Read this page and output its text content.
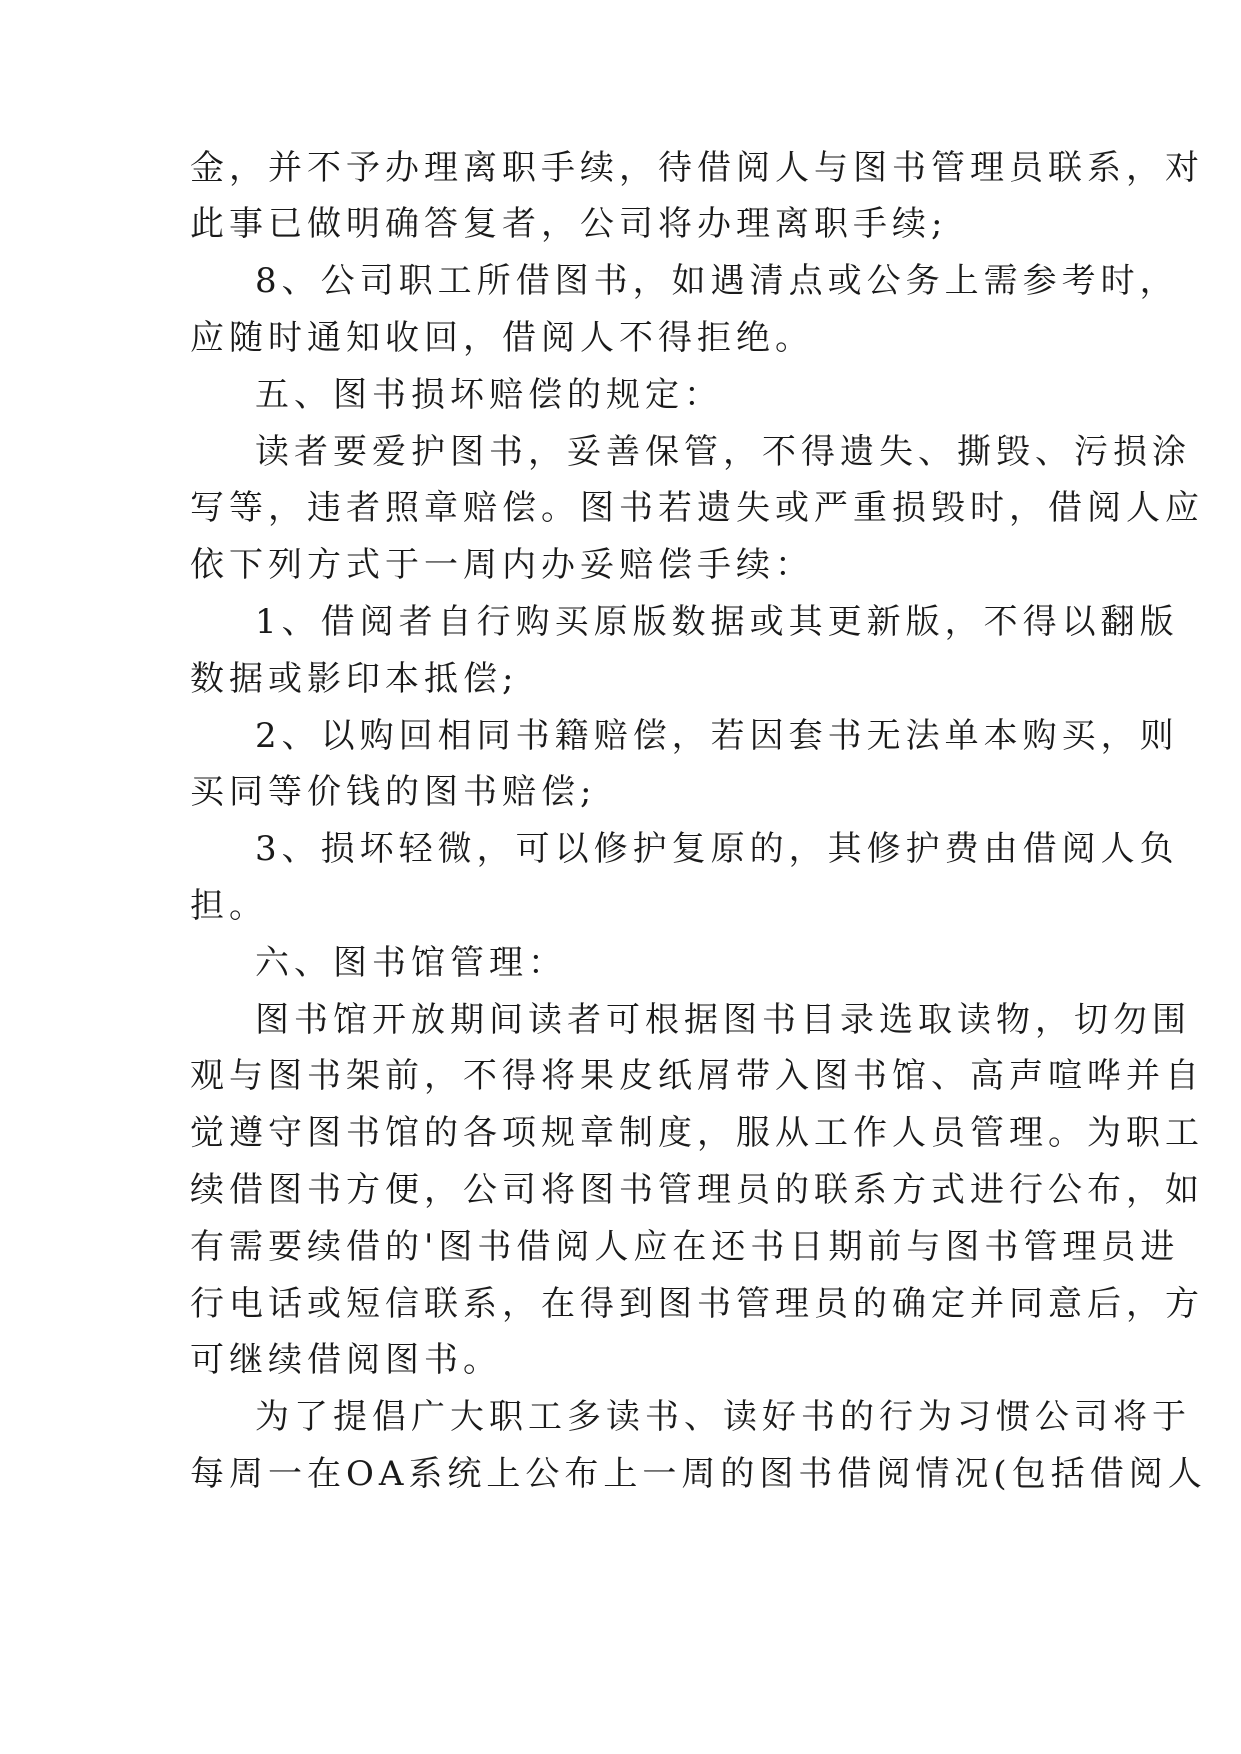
金，并不予办理离职手续，待借阅人与图书管理员联系，对
此事已做明确答复者，公司将办理离职手续;
8、公司职工所借图书，如遇清点或公务上需参考时，
应随时通知收回，借阅人不得拒绝。
五、图书损坏赔偿的规定：
读者要爱护图书，妥善保管，不得遗失、撕毁、污损涂
写等，违者照章赔偿。图书若遗失或严重损毁时，借阅人应
依下列方式于一周内办妥赔偿手续：
1、借阅者自行购买原版数据或其更新版，不得以翻版
数据或影印本抵偿;
2、以购回相同书籍赔偿，若因套书无法单本购买，则
买同等价钱的图书赔偿;
3、损坏轻微，可以修护复原的，其修护费由借阅人负
担。
六、图书馆管理：
图书馆开放期间读者可根据图书目录选取读物，切勿围
观与图书架前，不得将果皮纸屑带入图书馆、高声喧哗并自
觉遵守图书馆的各项规章制度，服从工作人员管理。为职工
续借图书方便，公司将图书管理员的联系方式进行公布，如
有需要续借的'图书借阅人应在还书日期前与图书管理员进
行电话或短信联系，在得到图书管理员的确定并同意后，方
可继续借阅图书。
为了提倡广大职工多读书、读好书的行为习惯公司将于
每周一在OA系统上公布上一周的图书借阅情况(包括借阅人
